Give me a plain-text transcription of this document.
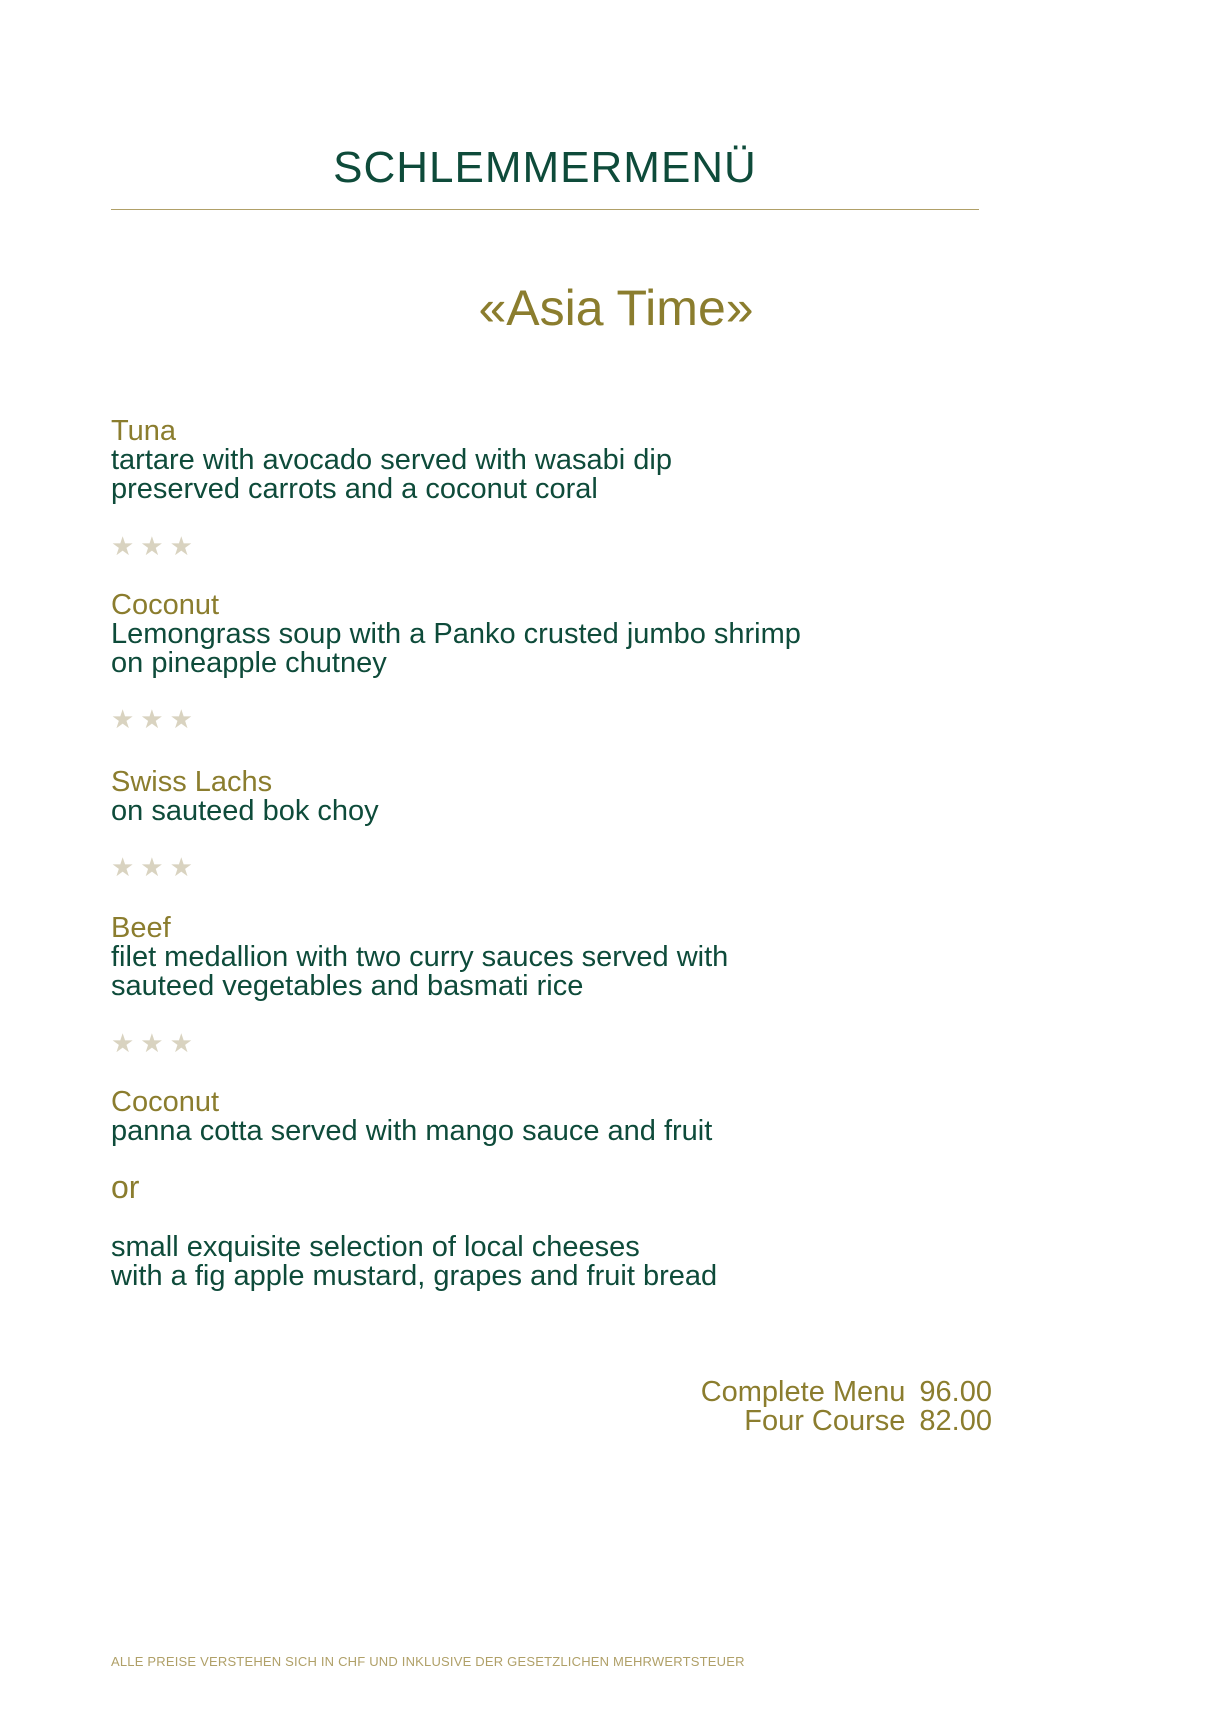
SCHLEMMERMENÜ
«Asia Time»
Tuna
tartare with avocado served with wasabi dip
preserved carrots and a coconut coral
★★★
Coconut
Lemongrass soup with a Panko crusted jumbo shrimp
on pineapple chutney
★★★
Swiss Lachs
on sauteed bok choy
★★★
Beef
filet medallion with two curry sauces served with
sauteed vegetables and basmati rice
★★★
Coconut
panna cotta served with mango sauce and fruit
or
small exquisite selection of local cheeses
with a fig apple mustard, grapes and fruit bread
Complete Menu 96.00
Four Course 82.00
ALLE PREISE VERSTEHEN SICH IN CHF UND INKLUSIVE DER GESETZLICHEN MEHRWERTSTEUER
